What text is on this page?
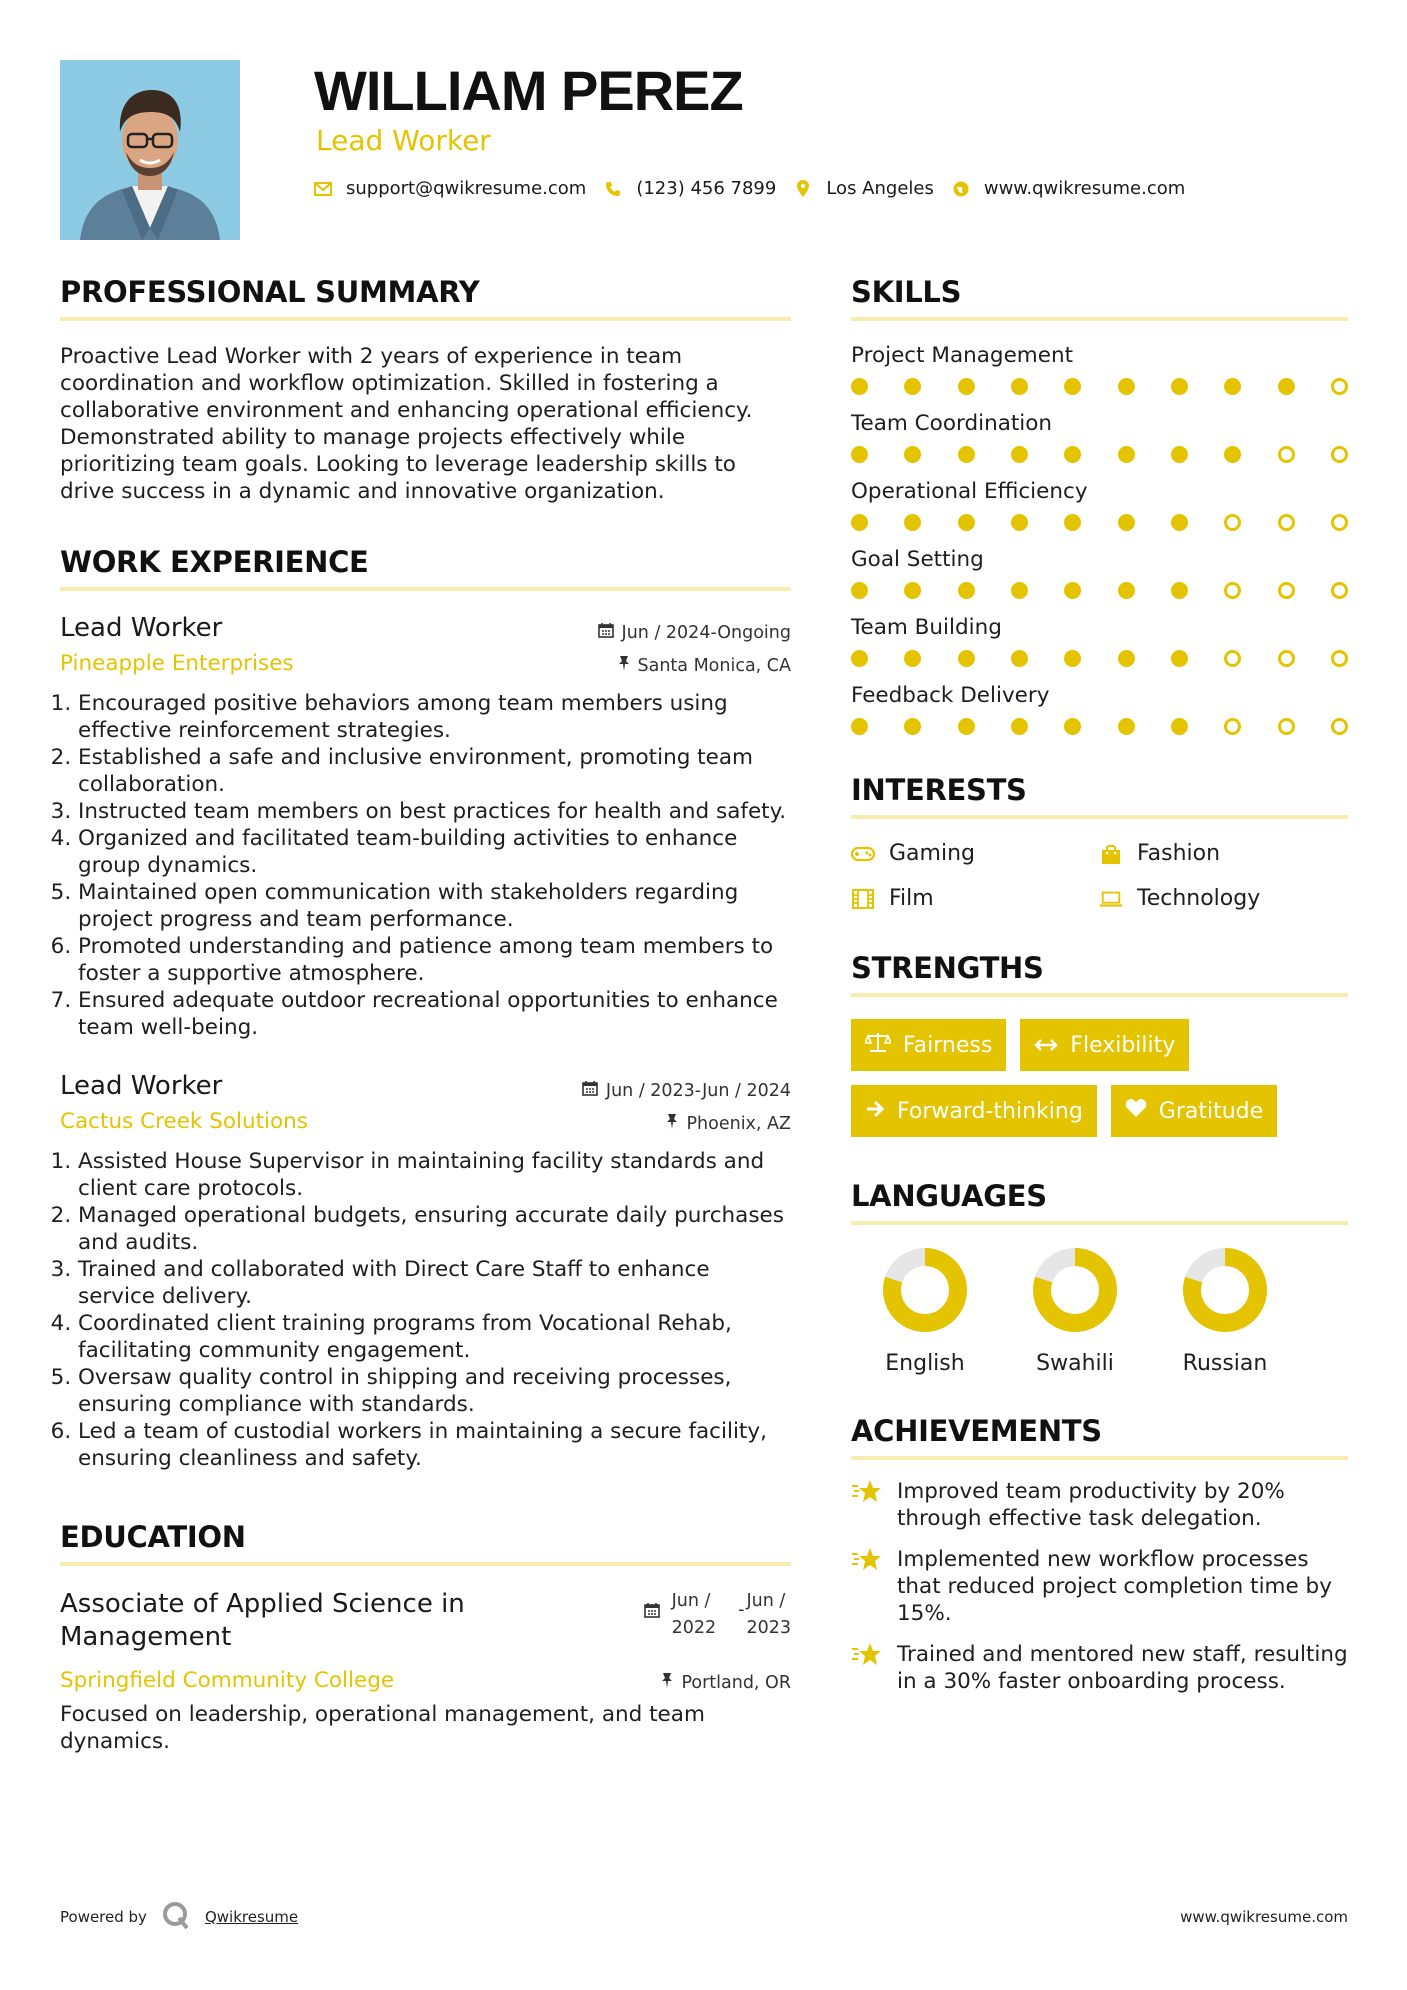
WILLIAM PEREZ
Lead Worker
support@qwikresume.com	(123) 456 7899	Los Angeles	www.qwikresume.com
PROFESSIONAL SUMMARY

Proactive Lead Worker with 2 years of experience in team coordination and workflow optimization. Skilled in fostering a collaborative environment and enhancing operational efficiency. Demonstrated ability to manage projects effectively while prioritizing team goals. Looking to leverage leadership skills to drive success in a dynamic and innovative organization.

WORK EXPERIENCE
Lead Worker	Jun / 2024-Ongoing
Pineapple Enterprises	Santa Monica, CA
1. Encouraged positive behaviors among team members using effective reinforcement strategies.
2. Established a safe and inclusive environment, promoting team collaboration.
3. Instructed team members on best practices for health and safety.
4. Organized and facilitated team-building activities to enhance group dynamics.
5. Maintained open communication with stakeholders regarding project progress and team performance.
6. Promoted understanding and patience among team members to foster a supportive atmosphere.
7. Ensured adequate outdoor recreational opportunities to enhance team well-being.
Lead Worker	Jun / 2023-Jun / 2024
Cactus Creek Solutions	Phoenix, AZ
1. Assisted House Supervisor in maintaining facility standards and client care protocols.
2. Managed operational budgets, ensuring accurate daily purchases and audits.
3. Trained and collaborated with Direct Care Staff to enhance service delivery.
4. Coordinated client training programs from Vocational Rehab, facilitating community engagement.
5. Oversaw quality control in shipping and receiving processes, ensuring compliance with standards.
6. Led a team of custodial workers in maintaining a secure facility, ensuring cleanliness and safety.
EDUCATION
Associate of Applied Science in Management
Jun /
2022
- Jun /
2023
Springfield Community College	Portland, OR

Focused on leadership, operational management, and team dynamics.

SKILLS
Project Management
Team Coordination
Operational Efficiency
Goal Setting
Team Building
Feedback Delivery
INTERESTS
Gaming	Fashion
Film	Technology
STRENGTHS
Fairness	Flexibility
Forward-thinking	Gratitude
LANGUAGES
English	Swahili	Russian
ACHIEVEMENTS
Improved team productivity by 20% through effective task delegation.
Implemented new workflow processes that reduced project completion time by 15%.
Trained and mentored new staff, resulting in a 30% faster onboarding process.
Powered by	Qwikresume	www.qwikresume.com
